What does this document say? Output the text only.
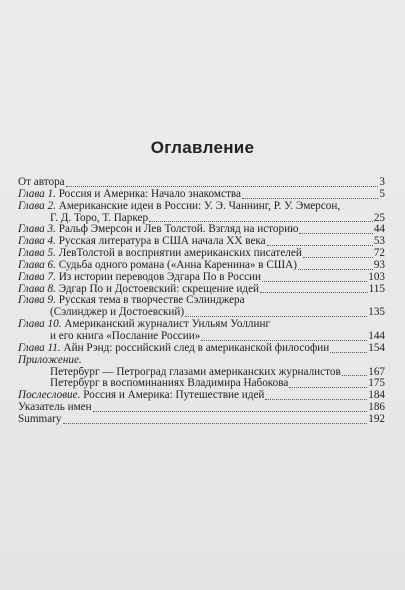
Оглавление
От автора	3
Глава 1. Россия и Америка: Начало знакомства	5
Глава 2. Американские идеи в России: У. Э. Чаннинг, Р. У. Эмерсон,
Г. Д. Торо, Т. Паркер	25
Глава 3. Ральф Эмерсон и Лев Толстой. Взгляд на историю	44
Глава 4. Русская литература в США начала ХХ века	53
Глава 5. ЛевТолстой в восприятии американских писателей	72
Глава 6. Судьба одного романа («Анна Каренина» в США)	93
Глава 7. Из истории переводов Эдгара По в России	103
Глава 8. Эдгар По и Достоевский: скрещение идей	115
Глава 9. Русская тема в творчестве Сэлинджера
(Сэлинджер и Достоевский)	135
Глава 10. Американский журналист Уильям Уоллинг
и его книга «Послание России»	144
Глава 11. Айн Рэнд: российский след в американской философии	154
Приложение.
Петербург — Петроград глазами американских журналистов 167
Петербург в воспоминаниях Владимира Набокова	175
Послесловие. Россия и Америка: Путешествие идей	184
Указатель имен	186
Summary	192
